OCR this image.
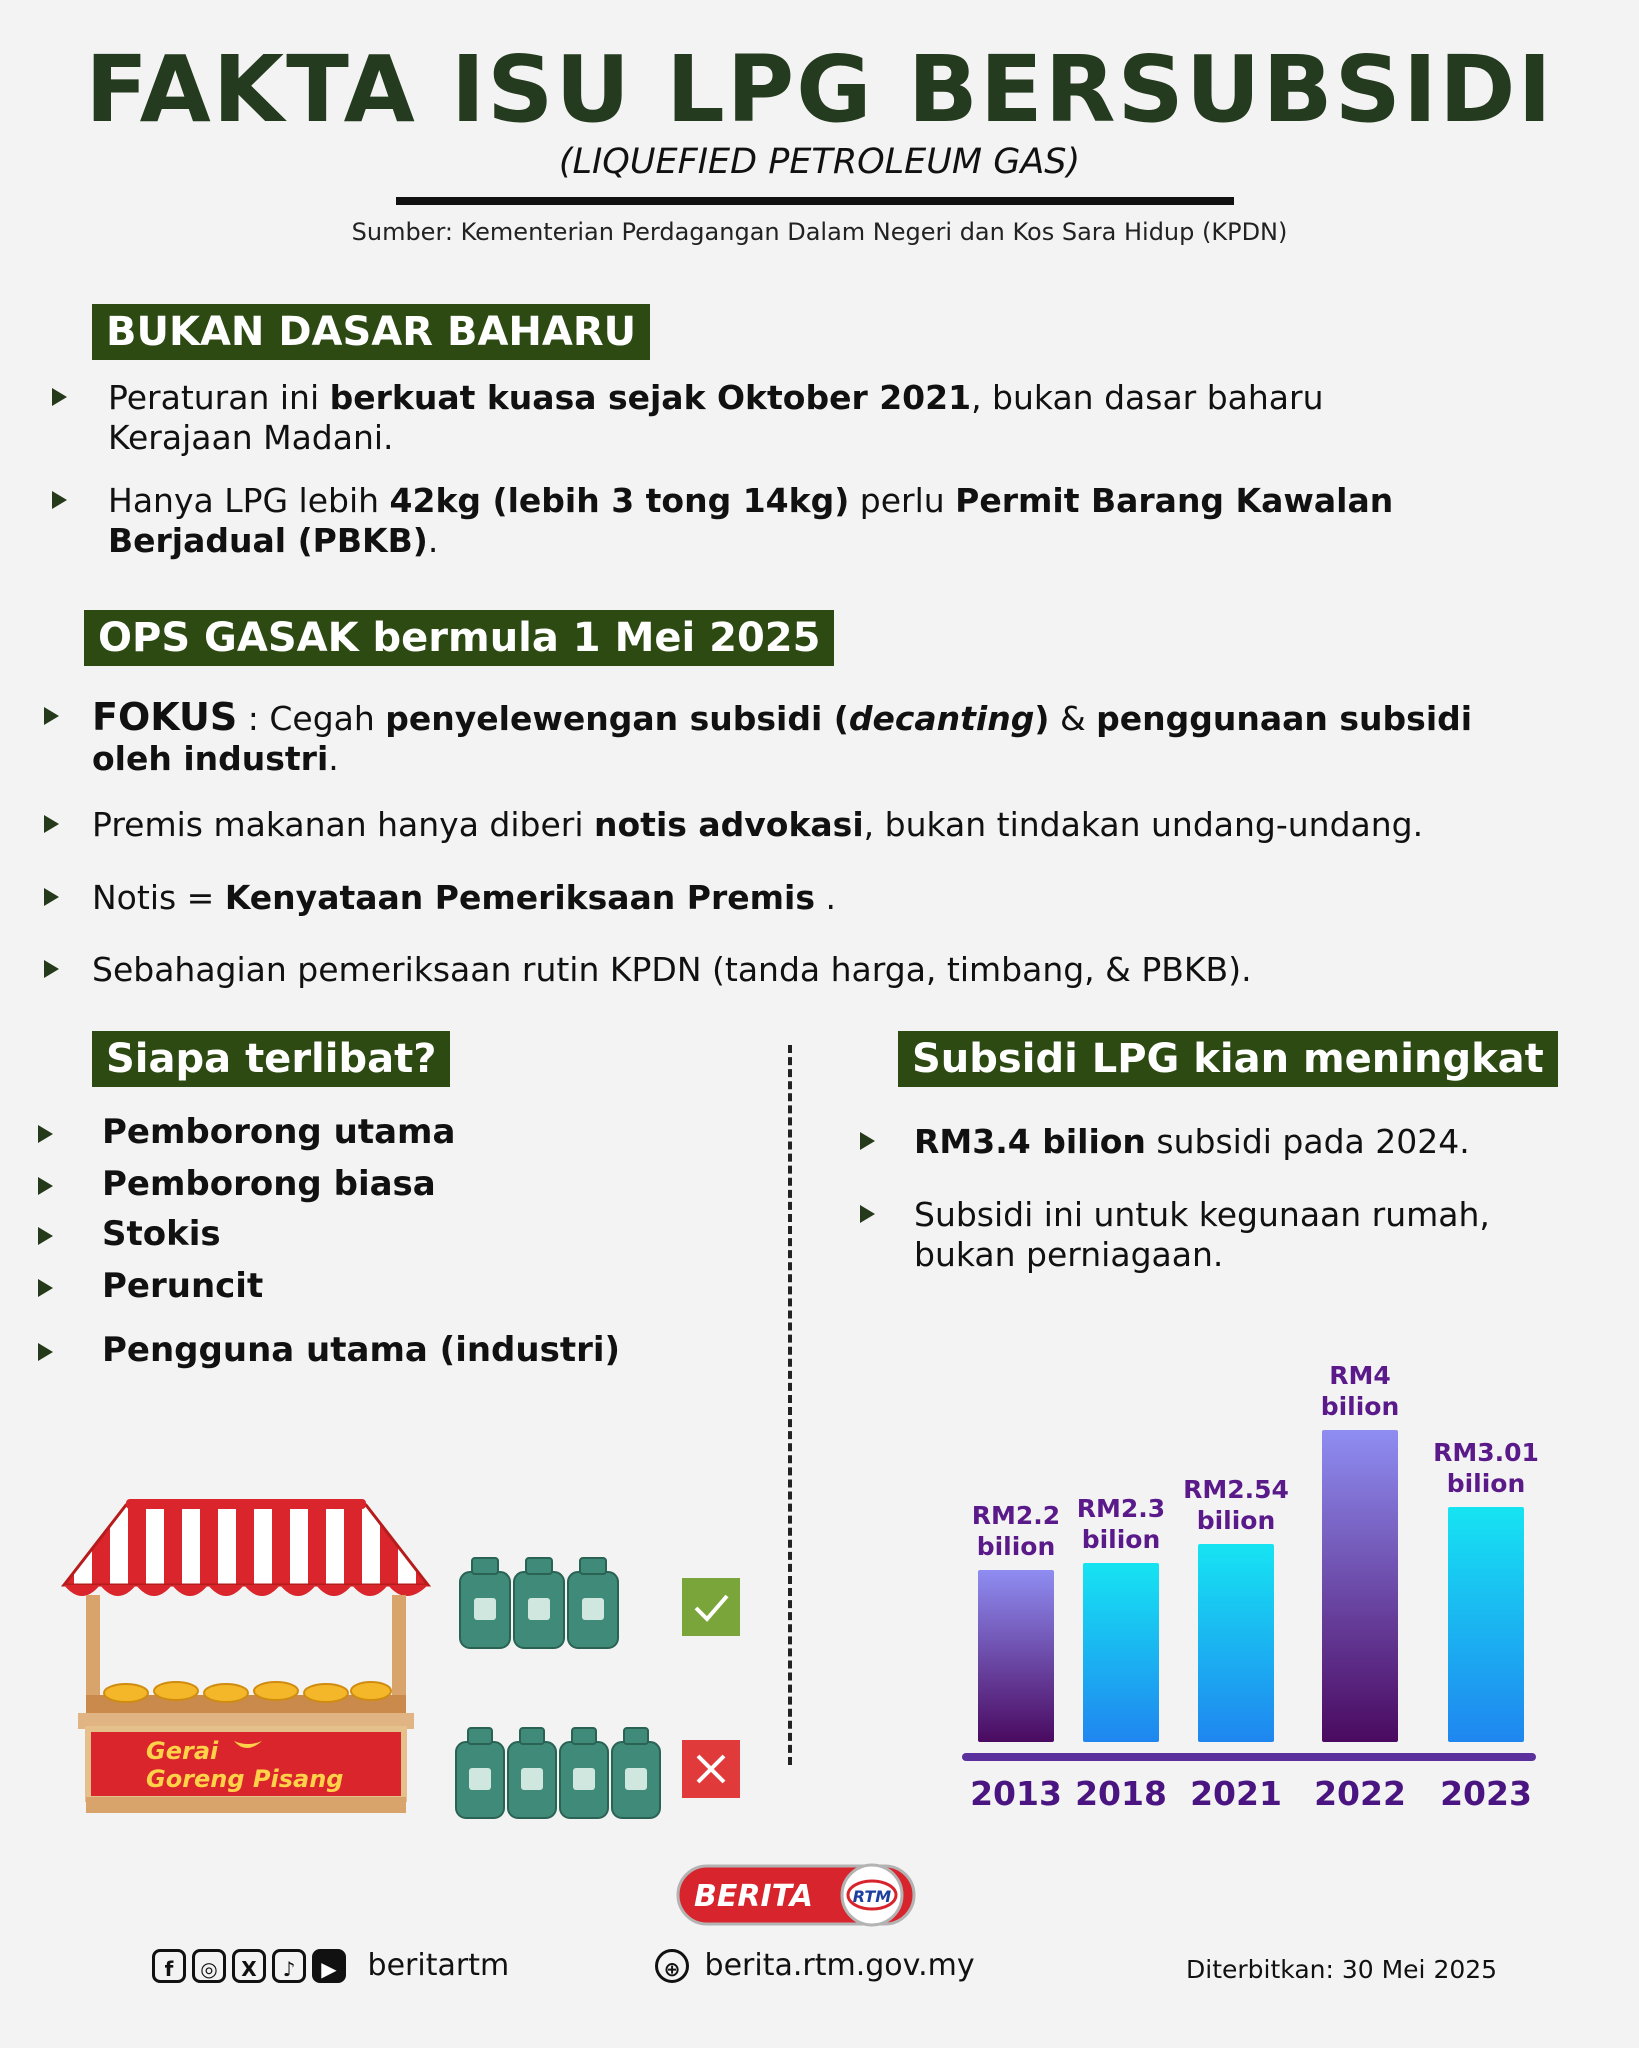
FAKTA ISU LPG BERSUBSIDI
(LIQUEFIED PETROLEUM GAS)
Sumber: Kementerian Perdagangan Dalam Negeri dan Kos Sara Hidup (KPDN)
BUKAN DASAR BAHARU
Peraturan ini berkuat kuasa sejak Oktober 2021, bukan dasar baharu
Kerajaan Madani.
Hanya LPG lebih 42kg (lebih 3 tong 14kg) perlu Permit Barang Kawalan
Berjadual (PBKB).
OPS GASAK bermula 1 Mei 2025
FOKUS : Cegah penyelewengan subsidi (decanting) & penggunaan subsidi
oleh industri.
Premis makanan hanya diberi notis advokasi, bukan tindakan undang-undang.
Notis = Kenyataan Pemeriksaan Premis .
Sebahagian pemeriksaan rutin KPDN (tanda harga, timbang, & PBKB).
Siapa terlibat?
Pemborong utama
Pemborong biasa
Stokis
Peruncit
Pengguna utama (industri)
Gerai
Goreng Pisang
Subsidi LPG kian meningkat
RM3.4 bilion subsidi pada 2024.
Subsidi ini untuk kegunaan rumah,
bukan perniagaan.
RM2.2
bilion
2013
RM2.3
bilion
2018
RM2.54
bilion
2021
RM4
bilion
2022
RM3.01
bilion
2023
BERITA RTM
f ◎ X ♪ ▶ beritartm	⊕ berita.rtm.gov.my	Diterbitkan: 30 Mei 2025
